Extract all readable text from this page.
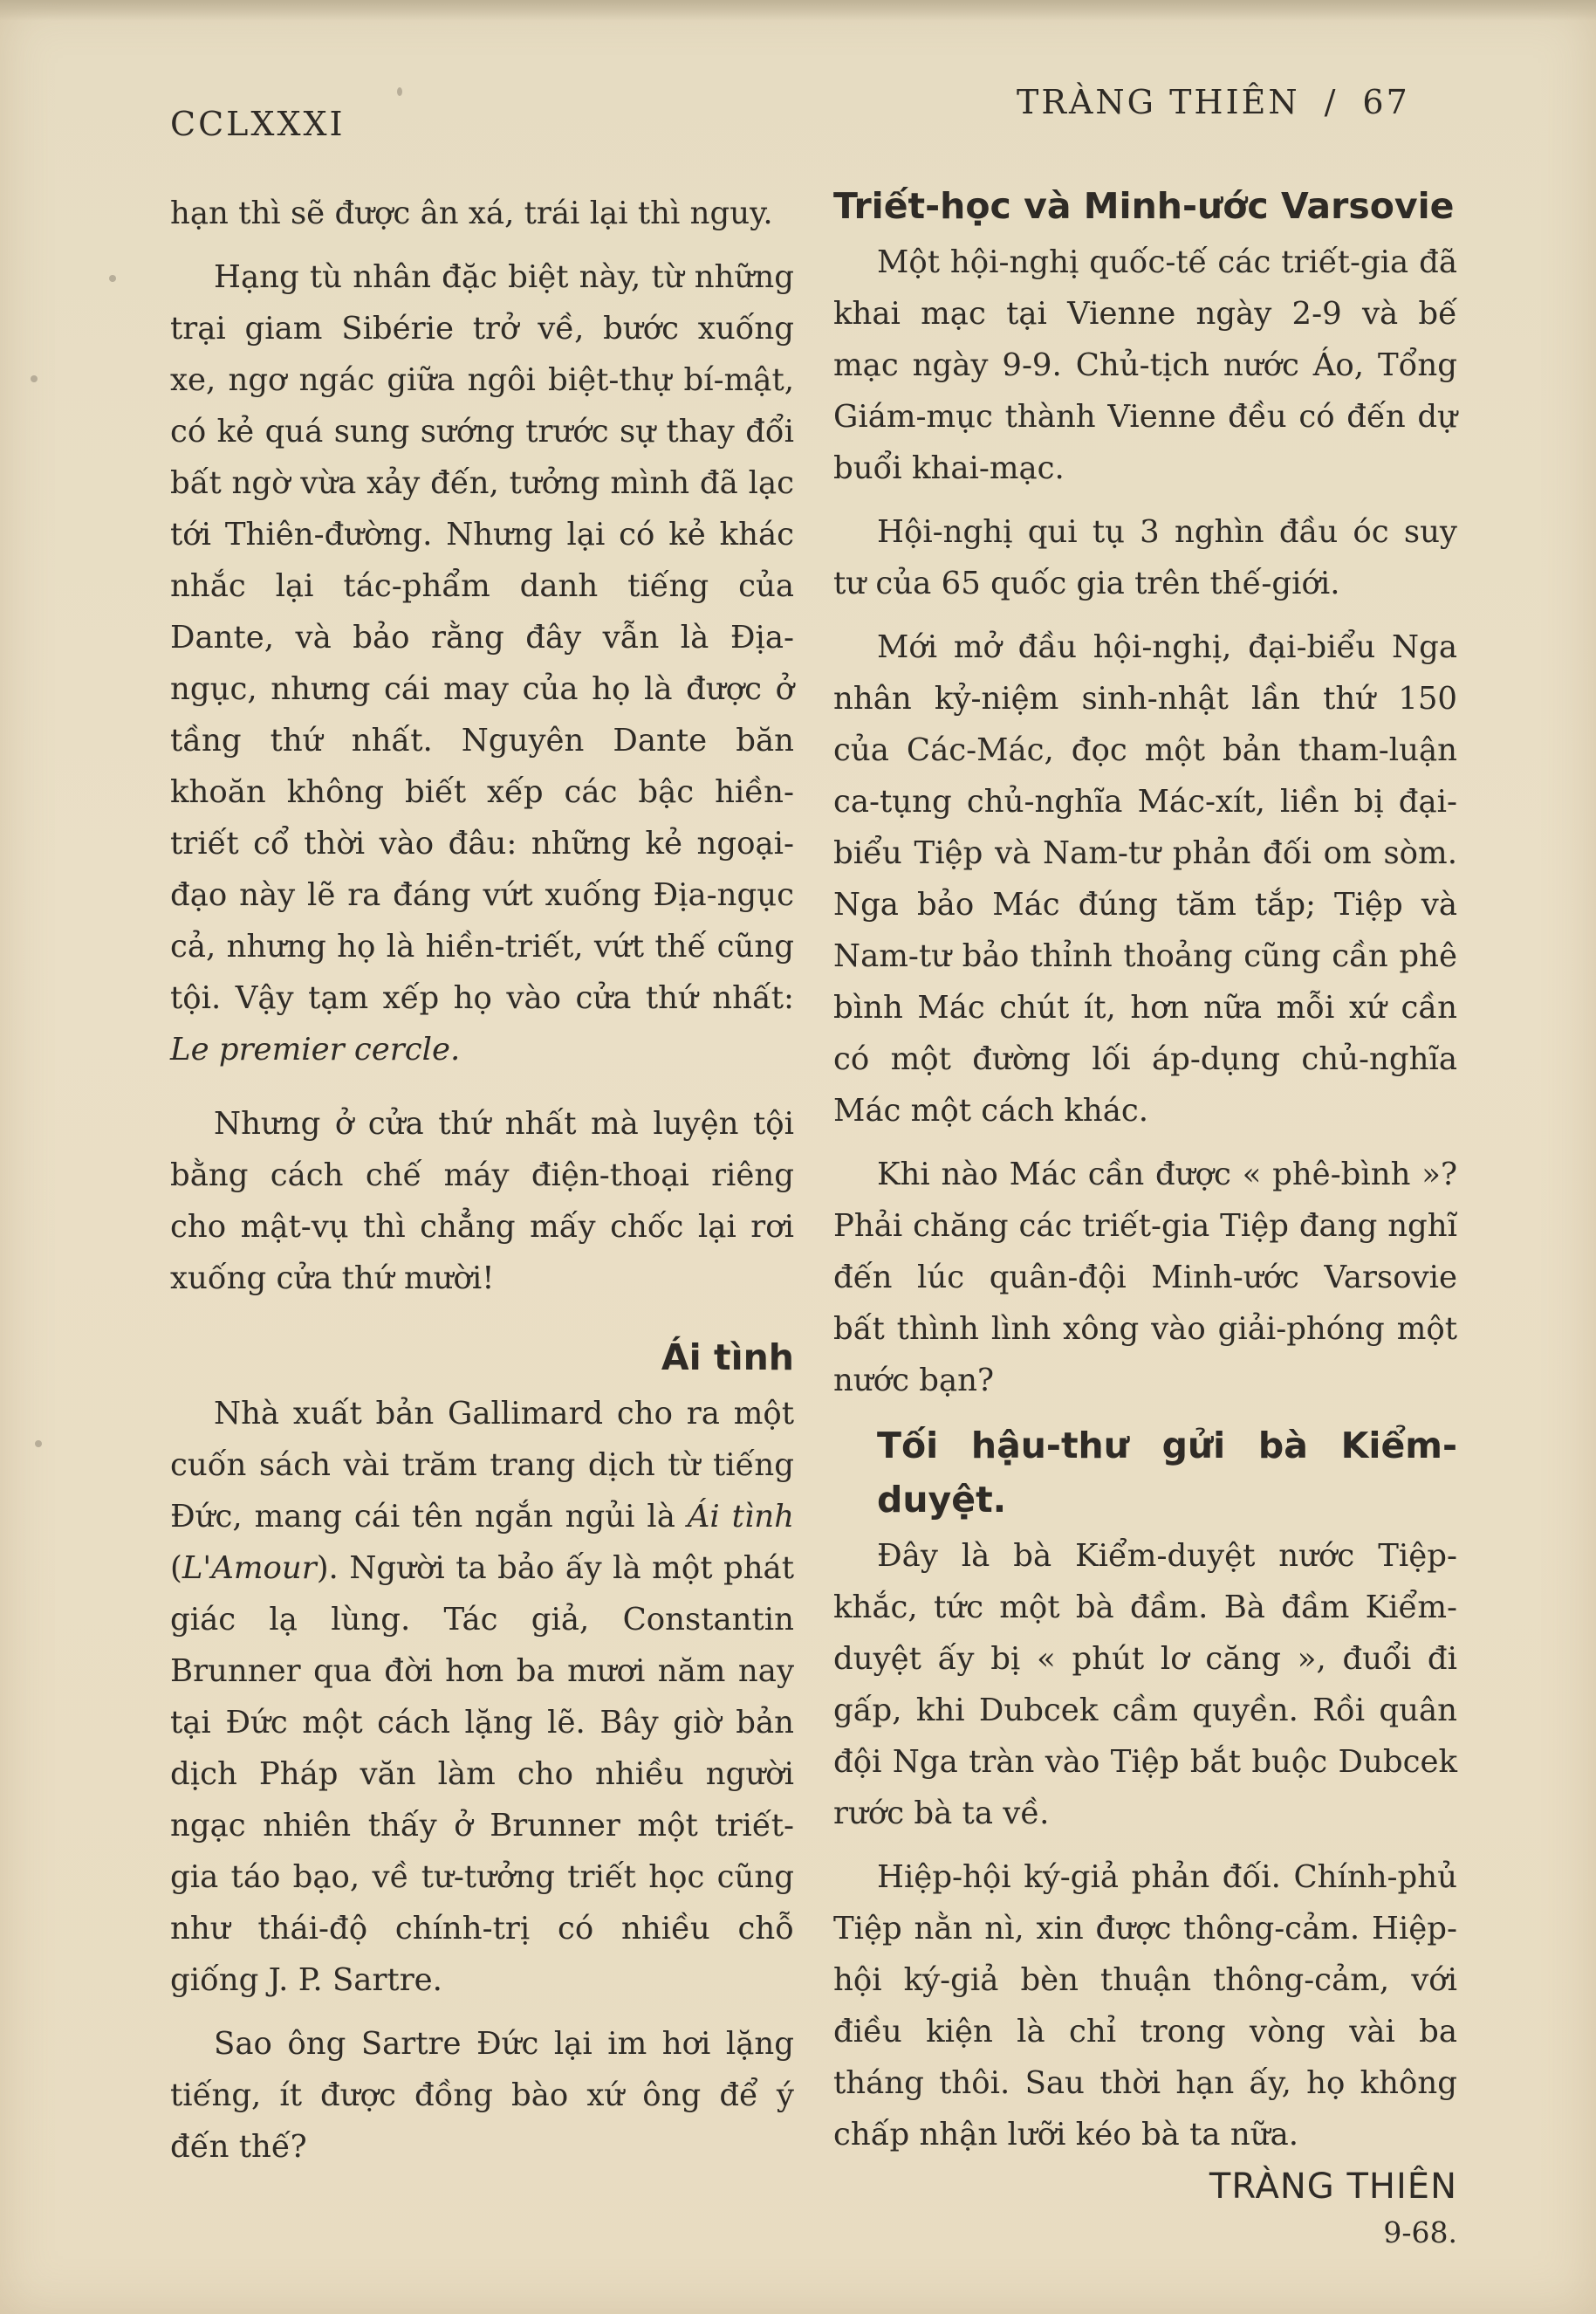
CCLXXXI
TRÀNG THIÊN / 67

hạn thì sẽ được ân xá, trái lại thì nguy.

Hạng tù nhân đặc biệt này, từ những trại giam Sibérie trở về, bước xuống xe, ngơ ngác giữa ngôi biệt-thự bí-mật, có kẻ quá sung sướng trước sự thay đổi bất ngờ vừa xảy đến, tưởng mình đã lạc tới Thiên-đường. Nhưng lại có kẻ khác nhắc lại tác-phẩm danh tiếng của Dante, và bảo rằng đây vẫn là Địa-ngục, nhưng cái may của họ là được ở tầng thứ nhất. Nguyên Dante băn khoăn không biết xếp các bậc hiền-triết cổ thời vào đâu: những kẻ ngoại-đạo này lẽ ra đáng vứt xuống Địa-ngục cả, nhưng họ là hiền-triết, vứt thế cũng tội. Vậy tạm xếp họ vào cửa thứ nhất: Le premier cercle.

Nhưng ở cửa thứ nhất mà luyện tội bằng cách chế máy điện-thoại riêng cho mật-vụ thì chẳng mấy chốc lại rơi xuống cửa thứ mười!

Ái tình

Nhà xuất bản Gallimard cho ra một cuốn sách vài trăm trang dịch từ tiếng Đức, mang cái tên ngắn ngủi là Ái tình (L'Amour). Người ta bảo ấy là một phát giác lạ lùng. Tác giả, Constantin Brunner qua đời hơn ba mươi năm nay tại Đức một cách lặng lẽ. Bây giờ bản dịch Pháp văn làm cho nhiều người ngạc nhiên thấy ở Brunner một triết-gia táo bạo, về tư-tưởng triết học cũng như thái-độ chính-trị có nhiều chỗ giống J. P. Sartre.

Sao ông Sartre Đức lại im hơi lặng tiếng, ít được đồng bào xứ ông để ý đến thế?

Triết-học và Minh-ước Varsovie

Một hội-nghị quốc-tế các triết-gia đã khai mạc tại Vienne ngày 2-9 và bế mạc ngày 9-9. Chủ-tịch nước Áo, Tổng Giám-mục thành Vienne đều có đến dự buổi khai-mạc.

Hội-nghị qui tụ 3 nghìn đầu óc suy tư của 65 quốc gia trên thế-giới.

Mới mở đầu hội-nghị, đại-biểu Nga nhân kỷ-niệm sinh-nhật lần thứ 150 của Các-Mác, đọc một bản tham-luận ca-tụng chủ-nghĩa Mác-xít, liền bị đại-biểu Tiệp và Nam-tư phản đối om sòm. Nga bảo Mác đúng tăm tắp; Tiệp và Nam-tư bảo thỉnh thoảng cũng cần phê bình Mác chút ít, hơn nữa mỗi xứ cần có một đường lối áp-dụng chủ-nghĩa Mác một cách khác.

Khi nào Mác cần được « phê-bình »? Phải chăng các triết-gia Tiệp đang nghĩ đến lúc quân-đội Minh-ước Varsovie bất thình lình xông vào giải-phóng một nước bạn?

Tối hậu-thư gửi bà Kiểm-duyệt.

Đây là bà Kiểm-duyệt nước Tiệp-khắc, tức một bà đầm. Bà đầm Kiểm-duyệt ấy bị « phút lơ căng », đuổi đi gấp, khi Dubcek cầm quyền. Rồi quân đội Nga tràn vào Tiệp bắt buộc Dubcek rước bà ta về.

Hiệp-hội ký-giả phản đối. Chính-phủ Tiệp nằn nì, xin được thông-cảm. Hiệp-hội ký-giả bèn thuận thông-cảm, với điều kiện là chỉ trong vòng vài ba tháng thôi. Sau thời hạn ấy, họ không chấp nhận lưỡi kéo bà ta nữa.

TRÀNG THIÊN
9-68.
